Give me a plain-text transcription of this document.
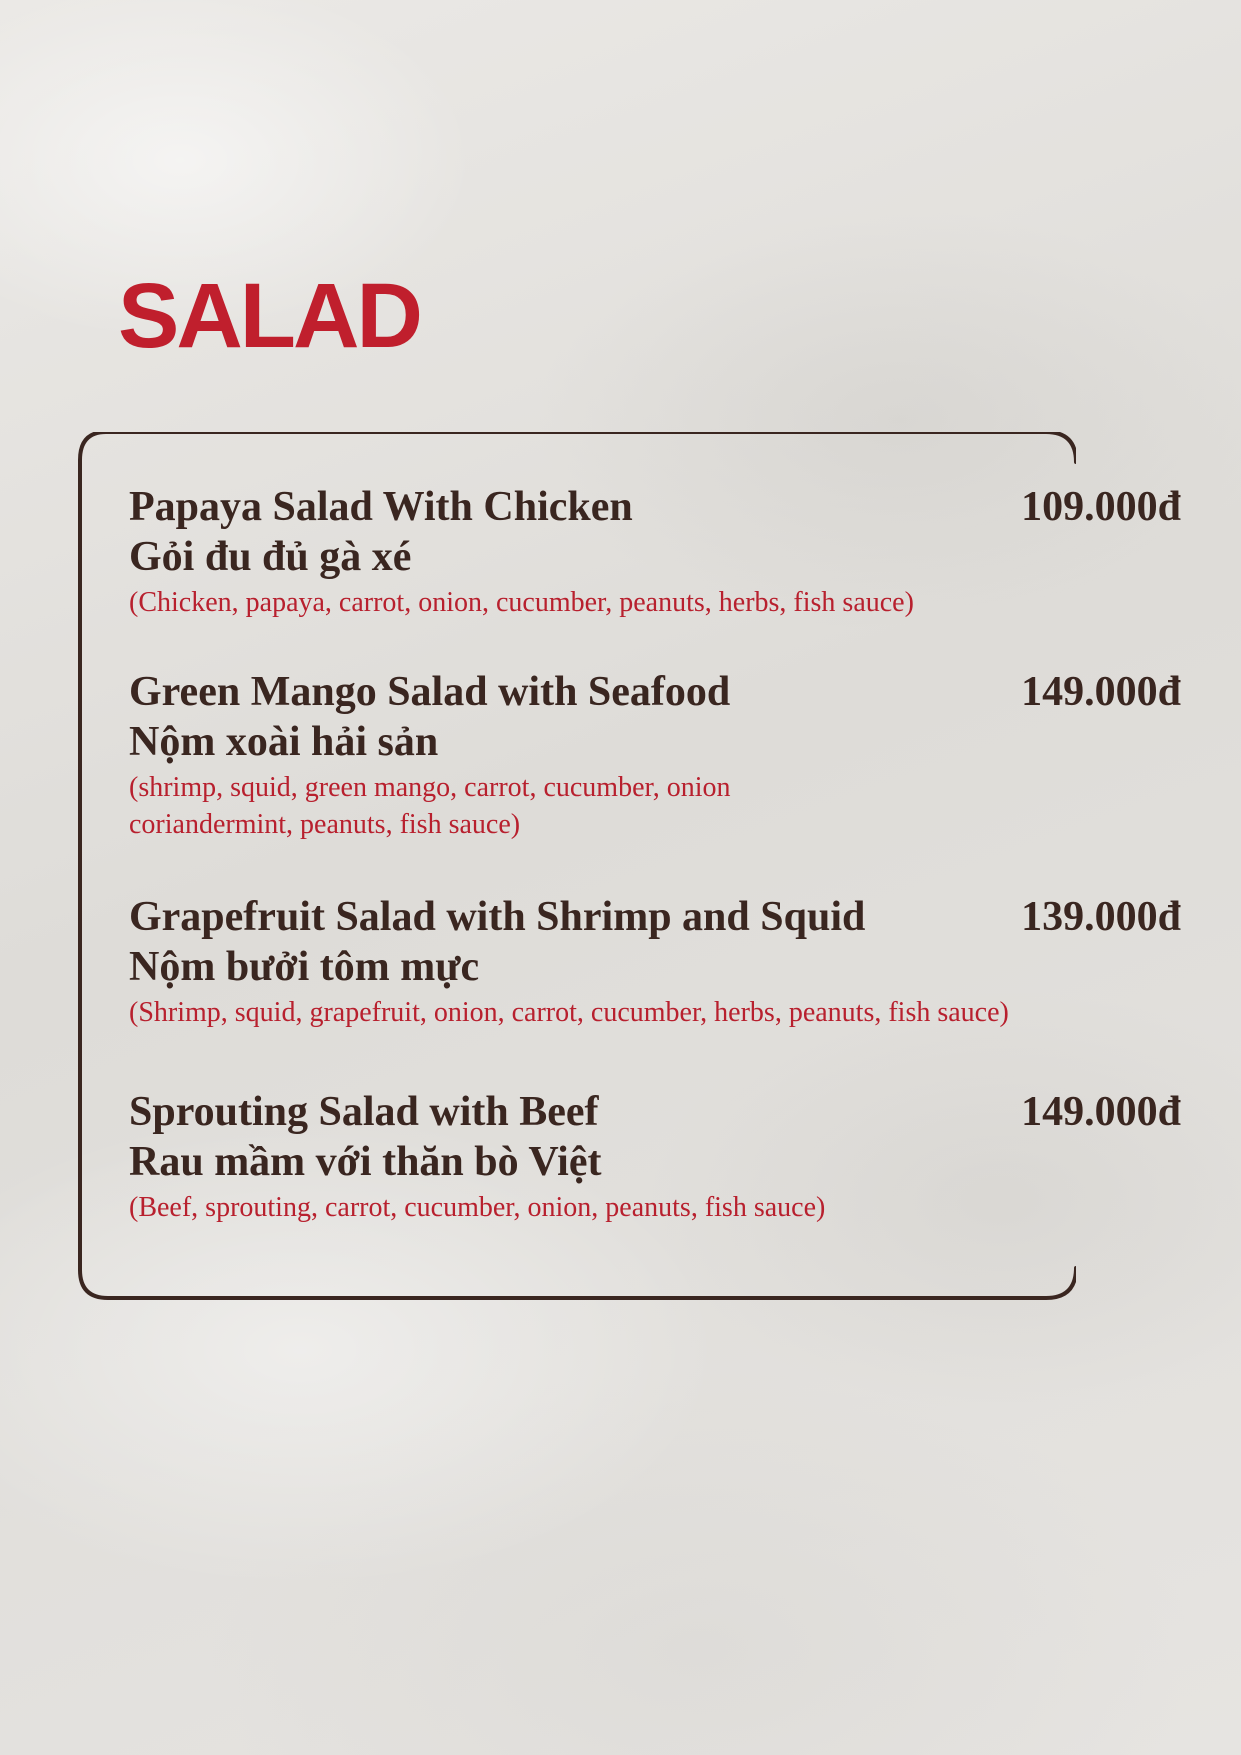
SALAD
Papaya Salad With Chicken	109.000đ
Gỏi đu đủ gà xé
(Chicken, papaya, carrot, onion, cucumber, peanuts, herbs, fish sauce)
Green Mango Salad with Seafood	149.000đ
Nộm xoài hải sản
(shrimp, squid, green mango, carrot, cucumber, onion
coriandermint, peanuts, fish sauce)
Grapefruit Salad with Shrimp and Squid	139.000đ
Nộm bưởi tôm mực
(Shrimp, squid, grapefruit, onion, carrot, cucumber, herbs, peanuts, fish sauce)
Sprouting Salad with Beef	149.000đ
Rau mầm với thăn bò Việt
(Beef, sprouting, carrot, cucumber, onion, peanuts, fish sauce)
